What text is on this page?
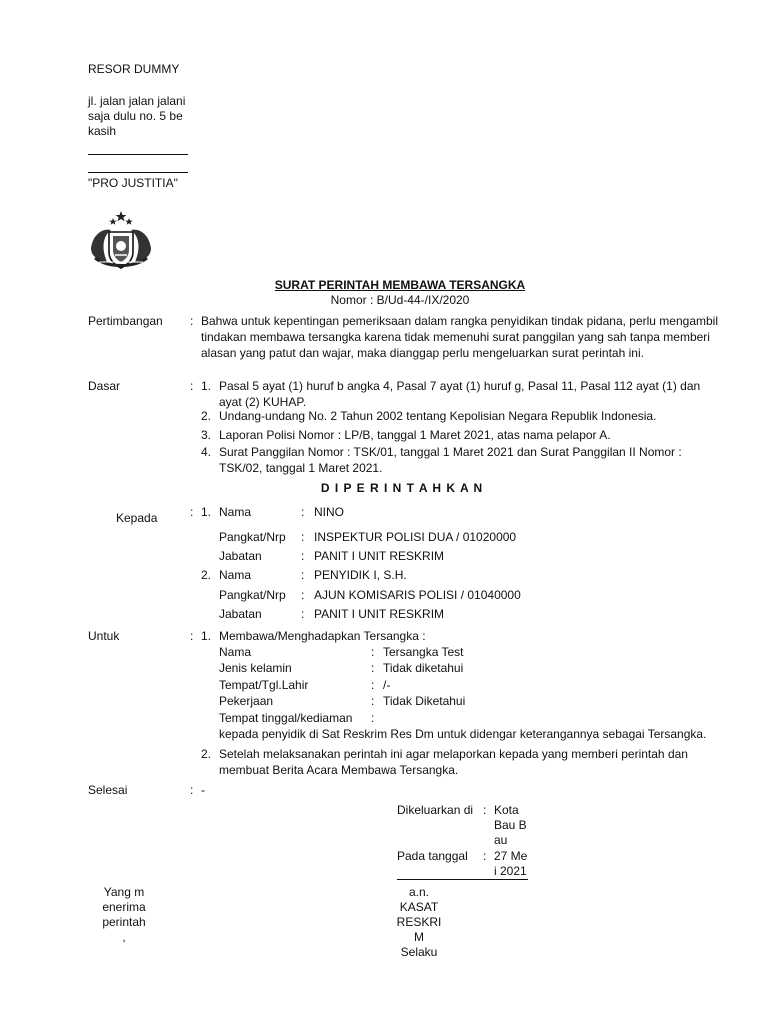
RESOR DUMMY
jl. jalan jalan jalani
saja dulu no. 5 be
kasih
"PRO JUSTITIA"
SURAT PERINTAH MEMBAWA TERSANGKA
Nomor : B/Ud-44-/IX/2020
Pertimbangan : Bahwa untuk kepentingan pemeriksaan dalam rangka penyidikan tindak pidana, perlu mengambil tindakan membawa tersangka karena tidak memenuhi surat panggilan yang sah tanpa memberi alasan yang patut dan wajar, maka dianggap perlu mengeluarkan surat perintah ini.
Dasar	: 1. Pasal 5 ayat (1) huruf b angka 4, Pasal 7 ayat (1) huruf g, Pasal 11, Pasal 112 ayat (1) dan ayat (2) KUHAP.
2. Undang-undang No. 2 Tahun 2002 tentang Kepolisian Negara Republik Indonesia.
3. Laporan Polisi Nomor : LP/B, tanggal 1 Maret 2021, atas nama pelapor A.
4. Surat Panggilan Nomor : TSK/01, tanggal 1 Maret 2021 dan Surat Panggilan II Nomor : TSK/02, tanggal 1 Maret 2021.
D I P E R I N T A H K A N
Kepada	: 1. Nama	: NINO
Pangkat/Nrp : INSPEKTUR POLISI DUA / 01020000
Jabatan	: PANIT I UNIT RESKRIM
2. Nama	: PENYIDIK I, S.H.
Pangkat/Nrp : AJUN KOMISARIS POLISI / 01040000
Jabatan	: PANIT I UNIT RESKRIM
Untuk	: 1. Membawa/Menghadapkan Tersangka :
Nama	: Tersangka Test
Jenis kelamin	: Tidak diketahui
Tempat/Tgl.Lahir	: /-
Pekerjaan	: Tidak Diketahui
Tempat tinggal/kediaman :
kepada penyidik di Sat Reskrim Res Dm untuk didengar keterangannya sebagai Tersangka.
2. Setelah melaksanakan perintah ini agar melaporkan kepada yang memberi perintah dan membuat Berita Acara Membawa Tersangka.
Selesai	: -
Dikeluarkan di : Kota
Bau B
au
Pada tanggal : 27 Me
i 2021
Yang m
enerima
perintah
,
a.n.
KASAT
RESKRI
M
Selaku
